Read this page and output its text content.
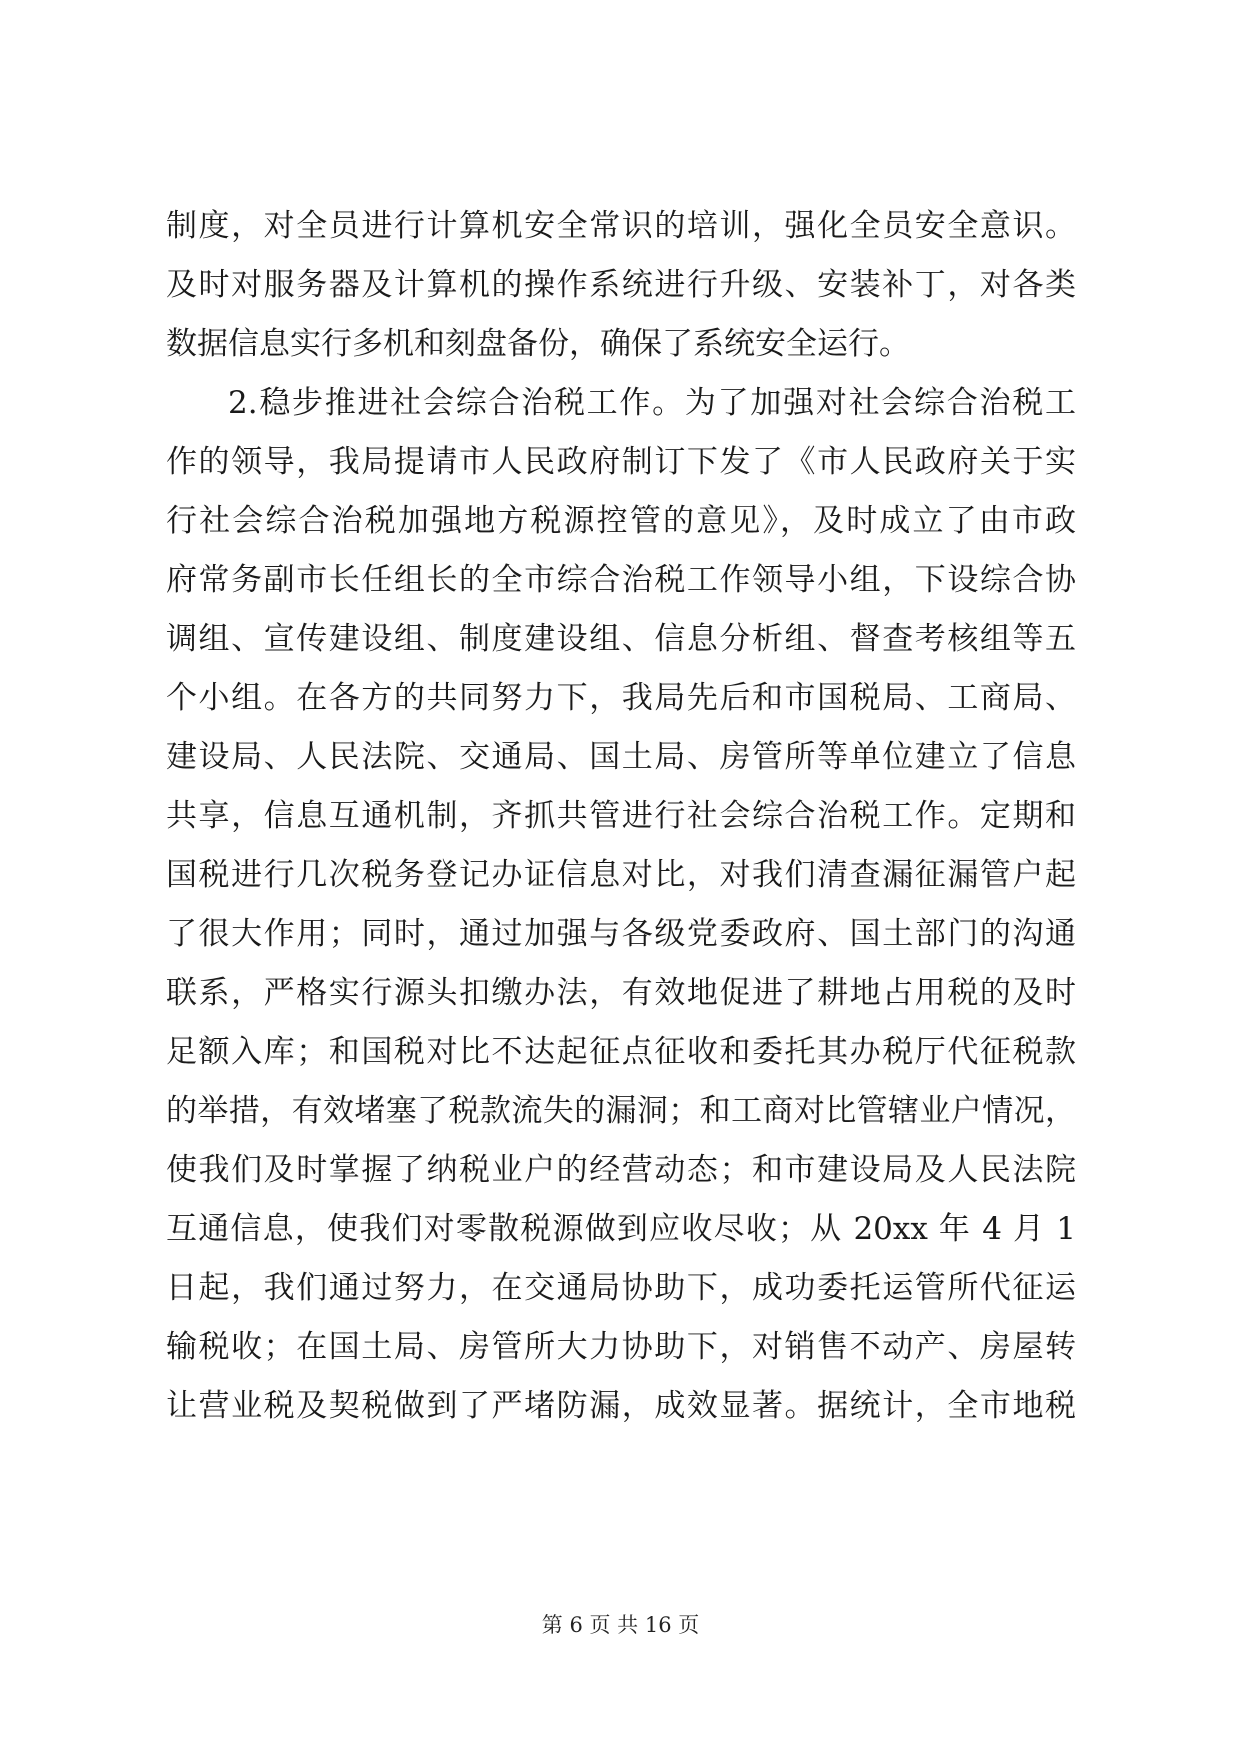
制度，对全员进行计算机安全常识的培训，强化全员安全意识。
及时对服务器及计算机的操作系统进行升级、安装补丁，对各类
数据信息实行多机和刻盘备份，确保了系统安全运行。
2.稳步推进社会综合治税工作。为了加强对社会综合治税工
作的领导，我局提请市人民政府制订下发了《市人民政府关于实
行社会综合治税加强地方税源控管的意见》，及时成立了由市政
府常务副市长任组长的全市综合治税工作领导小组，下设综合协
调组、宣传建设组、制度建设组、信息分析组、督查考核组等五
个小组。在各方的共同努力下，我局先后和市国税局、工商局、
建设局、人民法院、交通局、国土局、房管所等单位建立了信息
共享，信息互通机制，齐抓共管进行社会综合治税工作。定期和
国税进行几次税务登记办证信息对比，对我们清查漏征漏管户起
了很大作用；同时，通过加强与各级党委政府、国土部门的沟通
联系，严格实行源头扣缴办法，有效地促进了耕地占用税的及时
足额入库；和国税对比不达起征点征收和委托其办税厅代征税款
的举措，有效堵塞了税款流失的漏洞；和工商对比管辖业户情况，
使我们及时掌握了纳税业户的经营动态；和市建设局及人民法院
互通信息，使我们对零散税源做到应收尽收；从 20xx 年 4 月 1
日起，我们通过努力，在交通局协助下，成功委托运管所代征运
输税收；在国土局、房管所大力协助下，对销售不动产、房屋转
让营业税及契税做到了严堵防漏，成效显著。据统计，全市地税
第 6 页 共 16 页
